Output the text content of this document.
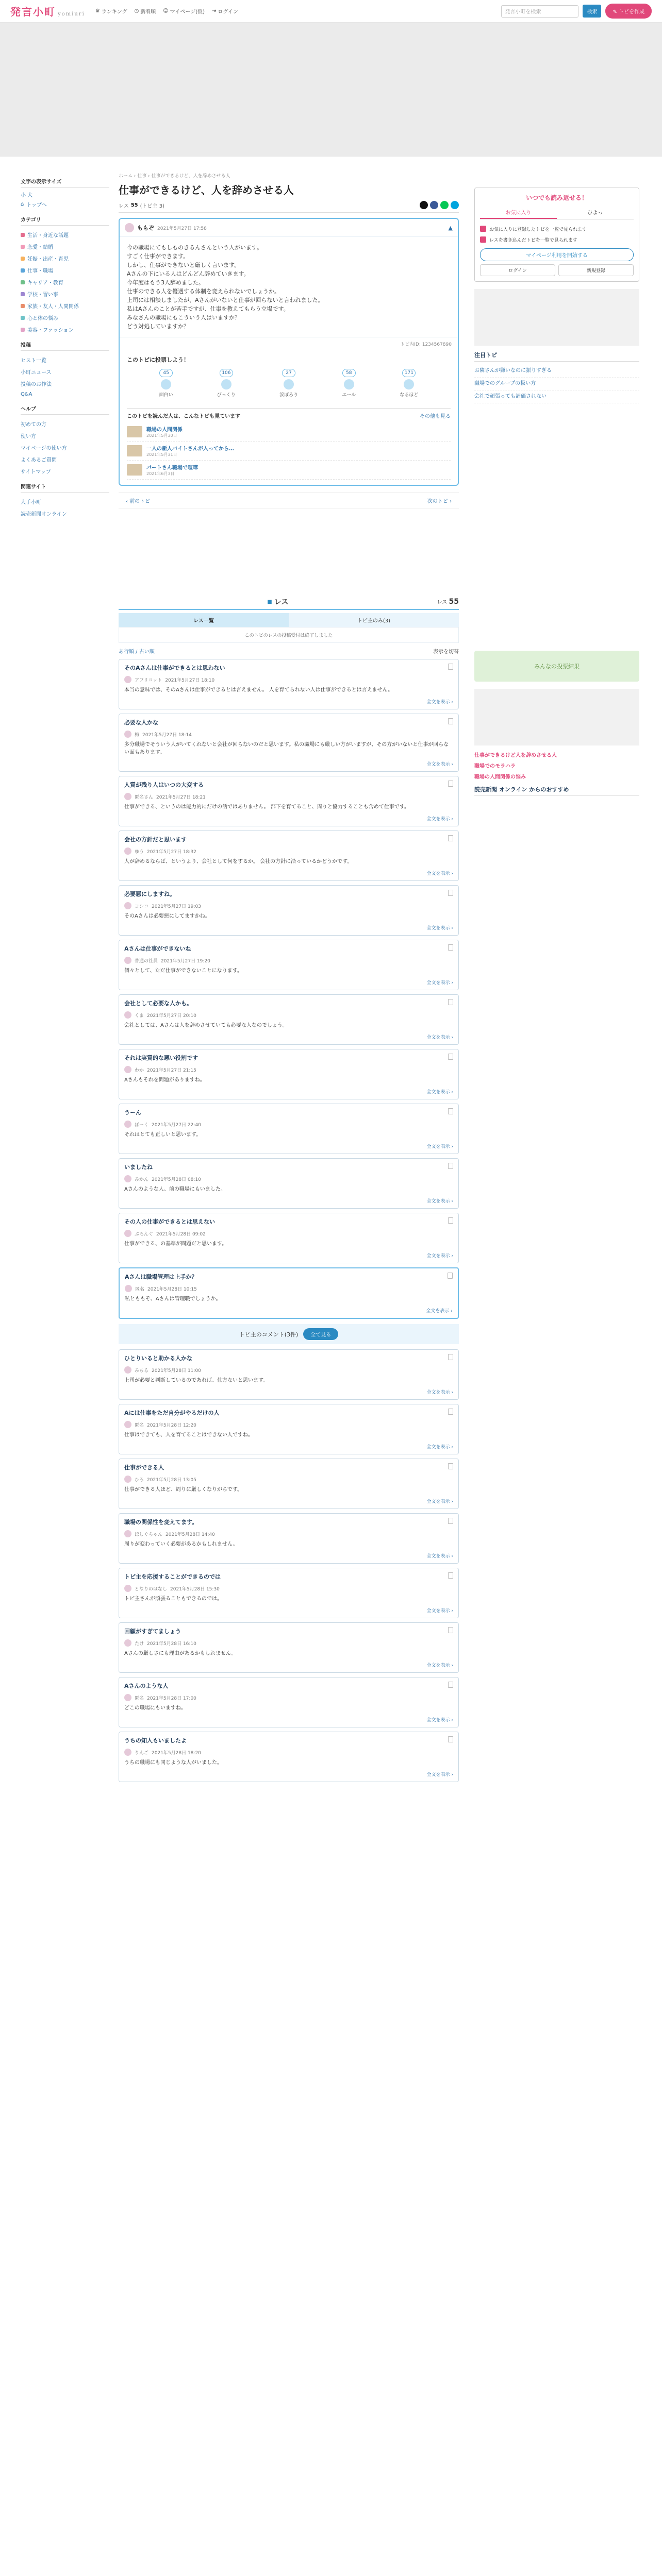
発言小町 yomiuri
♛ ランキング ◷ 新着順 ☺ マイページ(仮) ⇥ ログイン	発言小町を検索	検索	✎ トピを作成
文字の表示サイズ
小 大
⌂ トップへ
カテゴリ
生活・身近な話題
恋愛・結婚
妊娠・出産・育児
仕事・職場
キャリア・教育
学校・習い事
家族・友人・人間関係
心と体の悩み
美容・ファッション
投稿
ヒスト一覧
小町ニュース
投稿のお作法
Q&A
ヘルプ
初めての方
使い方
マイページの使い方
よくあるご質問
サイトマップ
関連サイト
大手小町
読売新聞オンライン
ホーム › 仕事 › 仕事ができるけど、人を辞めさせる人
仕事ができるけど、人を辞めさせる人
レス 55 (トピ主 3)
ももぞ 2021年5月27日 17:58	▲
今の職場にてもしものきるんさんという人がいます。
すごく仕事ができます。
しかし、仕事ができないと厳しく言います。
Aさんの下にいる人はどんどん辞めていきます。
今年度はもう3人辞めました。
仕事のできる人を優遇する体制を変えられないでしょうか。
上司には相談しましたが、Aさんがいないと仕事が回らないと言われました。
私はAさんのことが苦手ですが、仕事を教えてもらう立場です。
みなさんの職場にもこういう人はいますか？
どう対処していますか？
トピ内ID: 1234567890
このトピに投票しよう！
45
面白い
106
びっくり
27
涙ぽろり
58
エール
171
なるほど
このトピを読んだ人は、こんなトピも見ています	その他も見る
職場の人間関係
2021年5月30日
一人の新人バイトさんが入ってから…
2021年5月31日
パートさん職場で喧嘩
2021年6月3日
‹ 前のトピ	次のトピ ›
■ レス	レス 55
レス一覧	トピ主のみ(3)
このトピのレスの投稿受付は終了しました
あ行順 / 古い順	表示を切替
そのAさんは仕事ができるとは思わない
アフリコット 2021年5月27日 18:10
本当の意味では、そのAさんは仕事ができるとは言えません。 人を育てられない人は仕事ができるとは言えません。
全文を表示 ›
必要な人かな
梅 2021年5月27日 18:14
多分職場でそういう人がいてくれないと会社が回らないのだと思います。私の職場にも厳しい方がいますが、その方がいないと仕事が回らない面もあります。
全文を表示 ›
人質が残り人はいつの大変する
匿名さん 2021年5月27日 18:21
仕事ができる、というのは能力的にだけの話ではありません。 部下を育てること、周りと協力することも含めて仕事です。
全文を表示 ›
会社の方針だと思います
ゆう 2021年5月27日 18:32
人が辞めるならば、というより、会社として何をするか。 会社の方針に沿っているかどうかです。
全文を表示 ›
必要悪にしますね。
ヨシコ 2021年5月27日 19:03
そのAさんは必要悪にしてますかね。
全文を表示 ›
Aさんは仕事ができないね
普通の社員 2021年5月27日 19:20
個々として、ただ仕事ができないことになります。
全文を表示 ›
会社として必要な人かも。
くま 2021年5月27日 20:10
会社としては、Aさんは人を辞めさせていても必要な人なのでしょう。
全文を表示 ›
それは実質的な悪い役割です
わか 2021年5月27日 21:15
Aさんもそれを問題がありますね。
全文を表示 ›
うーん
ぽーく 2021年5月27日 22:40
それはとても正しいと思います。
全文を表示 ›
いましたね
みかん 2021年5月28日 08:10
Aさんのような人、前の職場にもいました。
全文を表示 ›
その人の仕事ができるとは思えない
ぶろんぐ 2021年5月28日 09:02
仕事ができる、の基準が問題だと思います。
全文を表示 ›
Aさんは職場管理は上手か？
匿名 2021年5月28日 10:15
私とももぞ、Aさんは管理職でしょうか。
全文を表示 ›
トピ主のコメント(3件)	全て見る
ひとりいると助かる人かな
みちる 2021年5月28日 11:00
上司が必要と判断しているのであれば、仕方ないと思います。
全文を表示 ›
Aには仕事をただ自分がやるだけの人
匿名 2021年5月28日 12:20
仕事はできても、人を育てることはできない人ですね。
全文を表示 ›
仕事ができる人
ひろ 2021年5月28日 13:05
仕事ができる人ほど、周りに厳しくなりがちです。
全文を表示 ›
職場の関係性を変えてます。
ほしぐちゃん 2021年5月28日 14:40
周りが変わっていく必要があるかもしれません。
全文を表示 ›
トピ主を応援することができるのでは
となりのはなし 2021年5月28日 15:30
トピ主さんが頑張ることもできるのでは。
全文を表示 ›
回顧がすぎてましょう
たけ 2021年5月28日 16:10
Aさんの厳しさにも理由があるかもしれません。
全文を表示 ›
Aさんのような人
匿名 2021年5月28日 17:00
どこの職場にもいますね。
全文を表示 ›
うちの知人もいましたよ
りんご 2021年5月28日 18:20
うちの職場にも同じような人がいました。
全文を表示 ›
いつでも読み返せる！
お気に入り	ひよっ
お気に入りに登録したトピを一覧で見られます
レスを書き込んだトピを一覧で見られます
マイページ利用を開始する
ログイン	新規登録
注目トピ
お隣さんが嫌いなのに振りすぎる
職場でのグループの扱い方
会社で頑張っても評価されない
みんなの投票結果
仕事ができるけど人を辞めさせる人
職場でのモラハラ
職場の人間関係の悩み
読売新聞 オンライン からのおすすめ
